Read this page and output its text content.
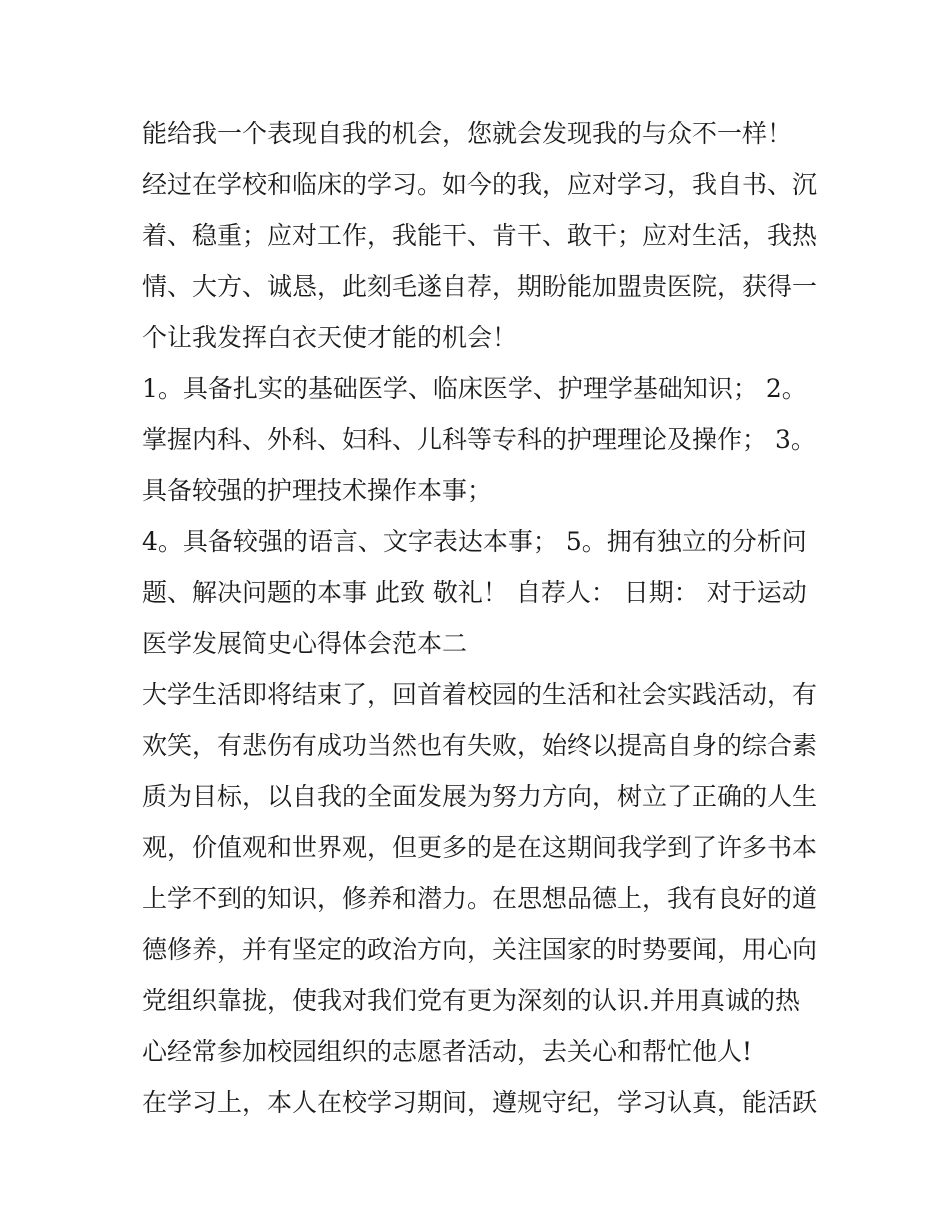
能给我一个表现自我的机会，您就会发现我的与众不一样！
经过在学校和临床的学习。如今的我，应对学习，我自书、沉
着、稳重；应对工作，我能干、肯干、敢干；应对生活，我热
情、大方、诚恳，此刻毛遂自荐，期盼能加盟贵医院，获得一
个让我发挥白衣天使才能的机会！
1。具备扎实的基础医学、临床医学、护理学基础知识； 2。
掌握内科、外科、妇科、儿科等专科的护理理论及操作； 3。
具备较强的护理技术操作本事；
4。具备较强的语言、文字表达本事； 5。拥有独立的分析问
题、解决问题的本事 此致 敬礼！ 自荐人： 日期： 对于运动
医学发展简史心得体会范本二
大学生活即将结束了，回首着校园的生活和社会实践活动，有
欢笑，有悲伤有成功当然也有失败，始终以提高自身的综合素
质为目标，以自我的全面发展为努力方向，树立了正确的人生
观，价值观和世界观，但更多的是在这期间我学到了许多书本
上学不到的知识，修养和潜力。在思想品德上，我有良好的道
德修养，并有坚定的政治方向，关注国家的时势要闻，用心向
党组织靠拢，使我对我们党有更为深刻的认识.并用真诚的热
心经常参加校园组织的志愿者活动，去关心和帮忙他人!
在学习上，本人在校学习期间，遵规守纪，学习认真，能活跃
